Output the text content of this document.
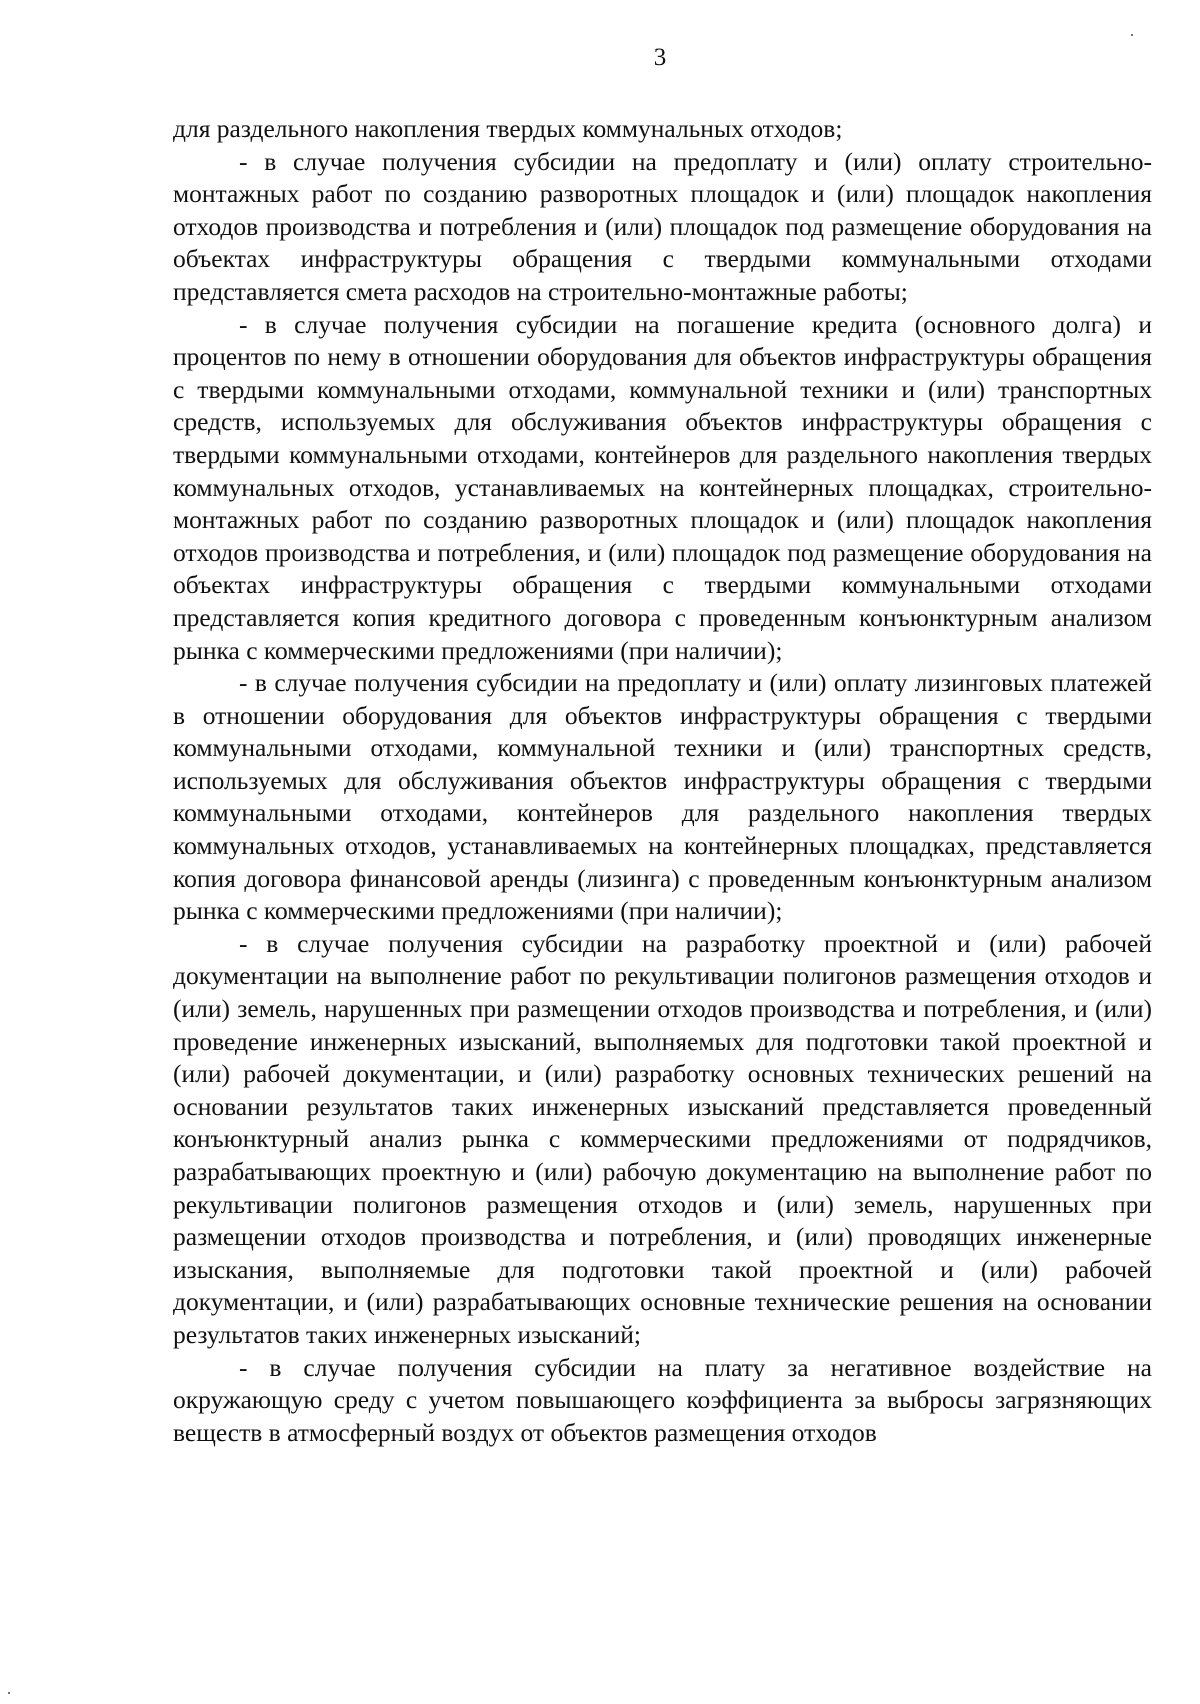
3

для раздельного накопления твердых коммунальных отходов;

- в случае получения субсидии на предоплату и (или) оплату строительно-монтажных работ по созданию разворотных площадок и (или) площадок накопления отходов производства и потребления и (или) площадок под размещение оборудования на объектах инфраструктуры обращения с твердыми коммунальными отходами представляется смета расходов на строительно-монтажные работы;

- в случае получения субсидии на погашение кредита (основного долга) и процентов по нему в отношении оборудования для объектов инфраструктуры обращения с твердыми коммунальными отходами, коммунальной техники и (или) транспортных средств, используемых для обслуживания объектов инфраструктуры обращения с твердыми коммунальными отходами, контейнеров для раздельного накопления твердых коммунальных отходов, устанавливаемых на контейнерных площадках, строительно-монтажных работ по созданию разворотных площадок и (или) площадок накопления отходов производства и потребления, и (или) площадок под размещение оборудования на объектах инфраструктуры обращения с твердыми коммунальными отходами представляется копия кредитного договора с проведенным конъюнктурным анализом рынка с коммерческими предложениями (при наличии);

- в случае получения субсидии на предоплату и (или) оплату лизинговых платежей в отношении оборудования для объектов инфраструктуры обращения с твердыми коммунальными отходами, коммунальной техники и (или) транспортных средств, используемых для обслуживания объектов инфраструктуры обращения с твердыми коммунальными отходами, контейнеров для раздельного накопления твердых коммунальных отходов, устанавливаемых на контейнерных площадках, представляется копия договора финансовой аренды (лизинга) с проведенным конъюнктурным анализом рынка с коммерческими предложениями (при наличии);

- в случае получения субсидии на разработку проектной и (или) рабочей документации на выполнение работ по рекультивации полигонов размещения отходов и (или) земель, нарушенных при размещении отходов производства и потребления, и (или) проведение инженерных изысканий, выполняемых для подготовки такой проектной и (или) рабочей документации, и (или) разработку основных технических решений на основании результатов таких инженерных изысканий представляется проведенный конъюнктурный анализ рынка с коммерческими предложениями от подрядчиков, разрабатывающих проектную и (или) рабочую документацию на выполнение работ по рекультивации полигонов размещения отходов и (или) земель, нарушенных при размещении отходов производства и потребления, и (или) проводящих инженерные изыскания, выполняемые для подготовки такой проектной и (или) рабочей документации, и (или) разрабатывающих основные технические решения на основании результатов таких инженерных изысканий;

- в случае получения субсидии на плату за негативное воздействие на окружающую среду с учетом повышающего коэффициента за выбросы загрязняющих веществ в атмосферный воздух от объектов размещения отходов
